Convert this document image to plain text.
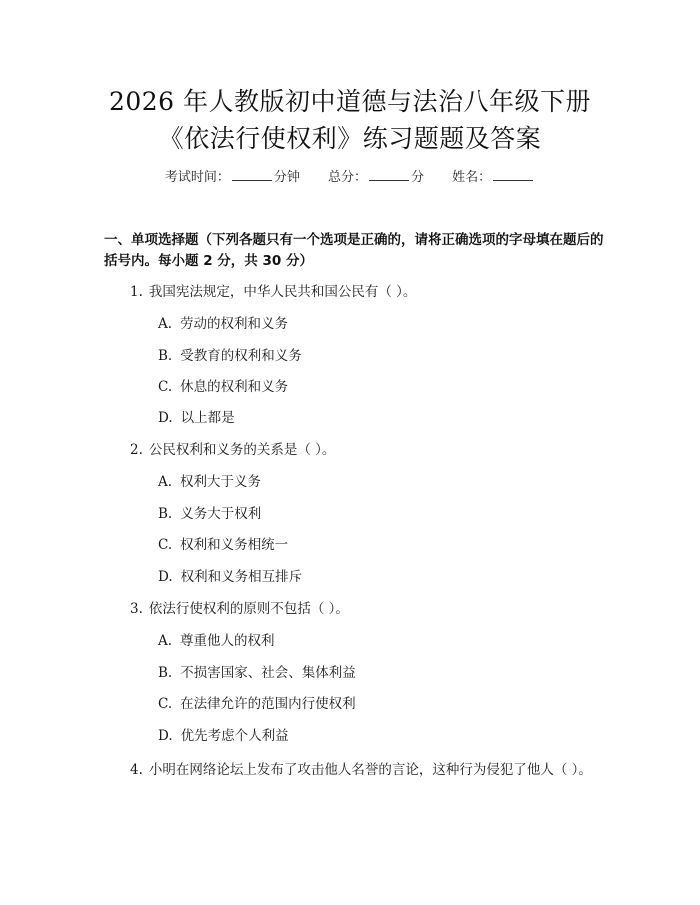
2026 年人教版初中道德与法治八年级下册
《依法行使权利》练习题题及答案
考试时间：	分钟 总分：	分 姓名：
一、单项选择题（下列各题只有一个选项是正确的，请将正确选项的字母填在题后的括号内。每小题 2 分，共 30 分）
1. 我国宪法规定，中华人民共和国公民有（ ）。
A. 劳动的权利和义务
B. 受教育的权利和义务
C. 休息的权利和义务
D. 以上都是
2. 公民权利和义务的关系是（ ）。
A. 权利大于义务
B. 义务大于权利
C. 权利和义务相统一
D. 权利和义务相互排斥
3. 依法行使权利的原则不包括（ ）。
A. 尊重他人的权利
B. 不损害国家、社会、集体利益
C. 在法律允许的范围内行使权利
D. 优先考虑个人利益
4. 小明在网络论坛上发布了攻击他人名誉的言论，这种行为侵犯了他人（ ）。
